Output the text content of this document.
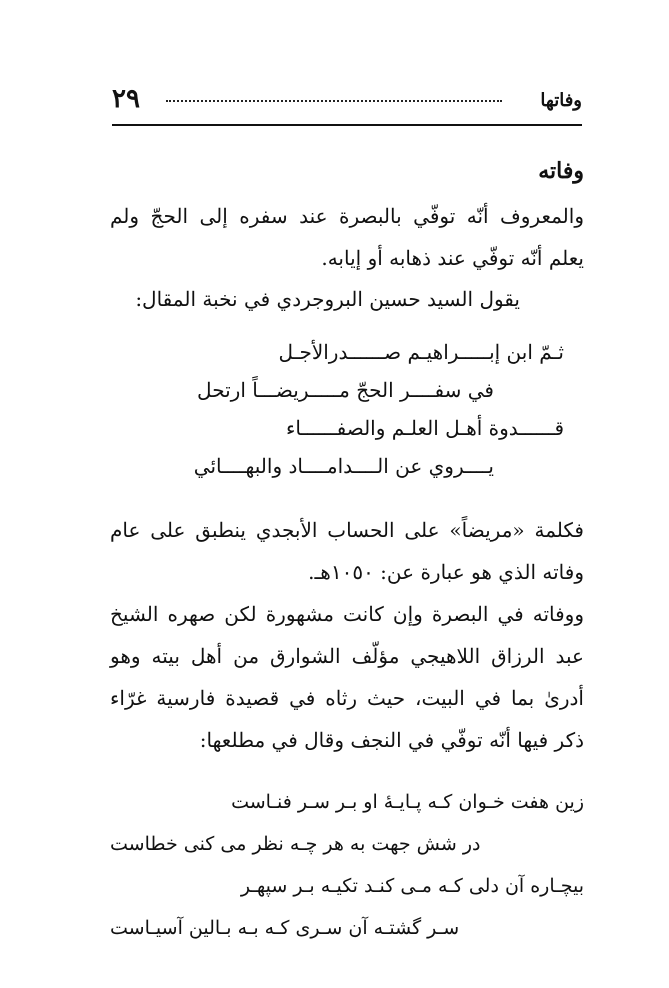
وفاتها
٢٩
وفاته

والمعروف أنّه توفّي بالبصرة عند سفره إلى الحجّ ولم يعلم أنّه توفّي عند ذهابه أو إيابه.

يقول السيد حسين البروجردي في نخبة المقال:

ثـمّ ابن إبـــــراهيـم صــــــدرالأجـل
في سفــــر الحجّ مـــــريضـــاً ارتحل
قــــــدوة أهـل العلـم والصفــــــاء
يــــروي عن الــــدامــــاد والبهــــائي

فكلمة «مريضاً» على الحساب الأبجدي ينطبق على عام وفاته الذي هو عبارة عن: ١٠٥٠هـ.

ووفاته في البصرة وإن كانت مشهورة لكن صهره الشيخ عبد الرزاق اللاهيجي مؤلّف الشوارق من أهل بيته وهو أدرىٰ بما في البيت، حيث رثاه في قصيدة فارسية غرّاء ذكر فيها أنّه توفّي في النجف وقال في مطلعها:

زين هفت خـوان كـه پـايـهٔ او بـر سـر فنـاست
در شش جهت به هر چـه نظر مى كنى خطاست
بيچـاره آن دلى كـه مـى كنـد تكيـه بـر سپهـر
سـر گشتـه آن سـرى كـه بـه بـالين آسيـاست
